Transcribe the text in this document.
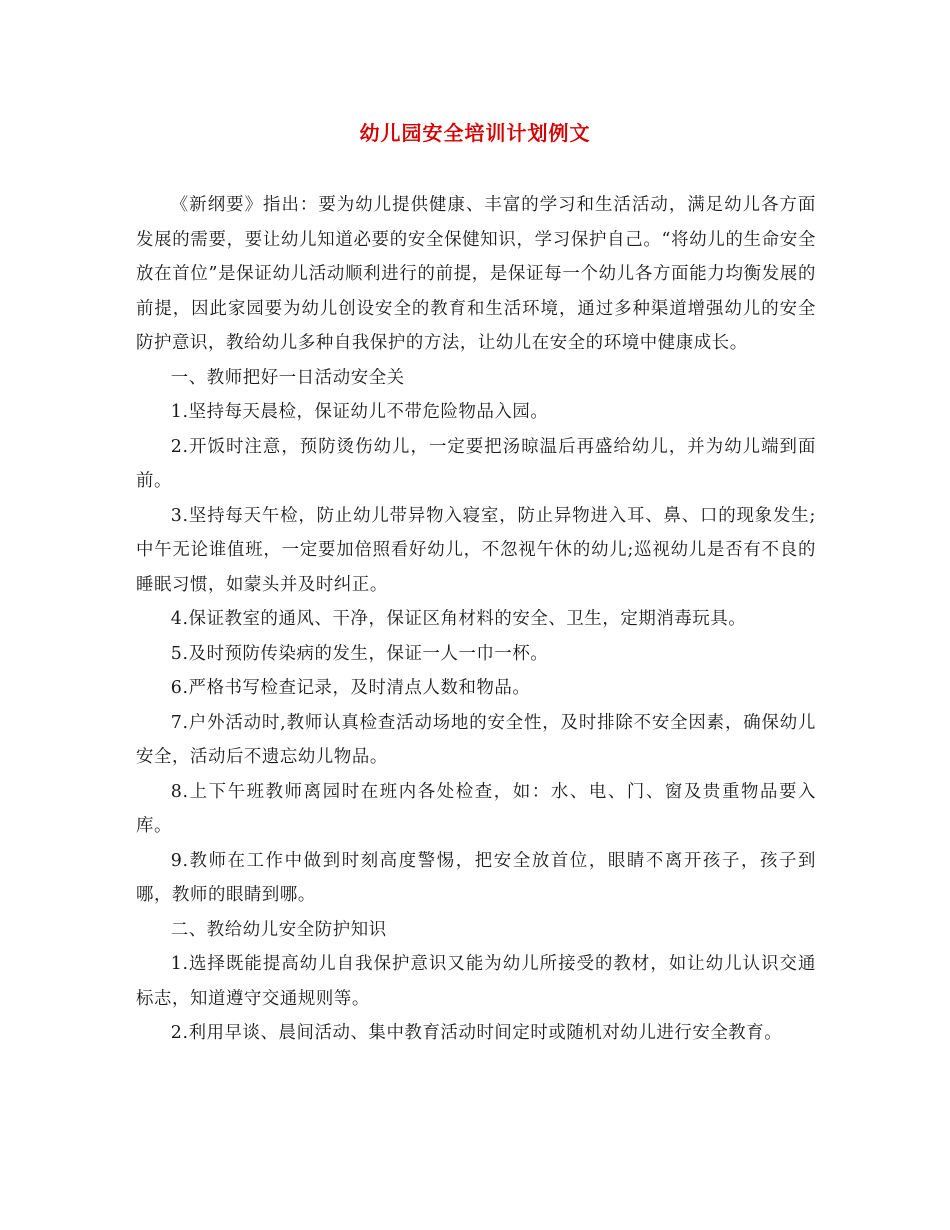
幼儿园安全培训计划例文

《新纲要》指出：要为幼儿提供健康、丰富的学习和生活活动，满足幼儿各方面发展的需要，要让幼儿知道必要的安全保健知识，学习保护自己。“将幼儿的生命安全放在首位”是保证幼儿活动顺利进行的前提，是保证每一个幼儿各方面能力均衡发展的前提，因此家园要为幼儿创设安全的教育和生活环境，通过多种渠道增强幼儿的安全防护意识，教给幼儿多种自我保护的方法，让幼儿在安全的环境中健康成长。

一、教师把好一日活动安全关

1.坚持每天晨检，保证幼儿不带危险物品入园。

2.开饭时注意，预防烫伤幼儿，一定要把汤晾温后再盛给幼儿，并为幼儿端到面前。

3.坚持每天午检，防止幼儿带异物入寝室，防止异物进入耳、鼻、口的现象发生;中午无论谁值班，一定要加倍照看好幼儿，不忽视午休的幼儿;巡视幼儿是否有不良的睡眠习惯，如蒙头并及时纠正。

4.保证教室的通风、干净，保证区角材料的安全、卫生，定期消毒玩具。

5.及时预防传染病的发生，保证一人一巾一杯。

6.严格书写检查记录，及时清点人数和物品。

7.户外活动时,教师认真检查活动场地的安全性，及时排除不安全因素，确保幼儿安全，活动后不遗忘幼儿物品。

8.上下午班教师离园时在班内各处检查，如：水、电、门、窗及贵重物品要入库。

9.教师在工作中做到时刻高度警惕，把安全放首位，眼睛不离开孩子，孩子到哪，教师的眼睛到哪。

二、教给幼儿安全防护知识

1.选择既能提高幼儿自我保护意识又能为幼儿所接受的教材，如让幼儿认识交通标志，知道遵守交通规则等。

2.利用早谈、晨间活动、集中教育活动时间定时或随机对幼儿进行安全教育。
